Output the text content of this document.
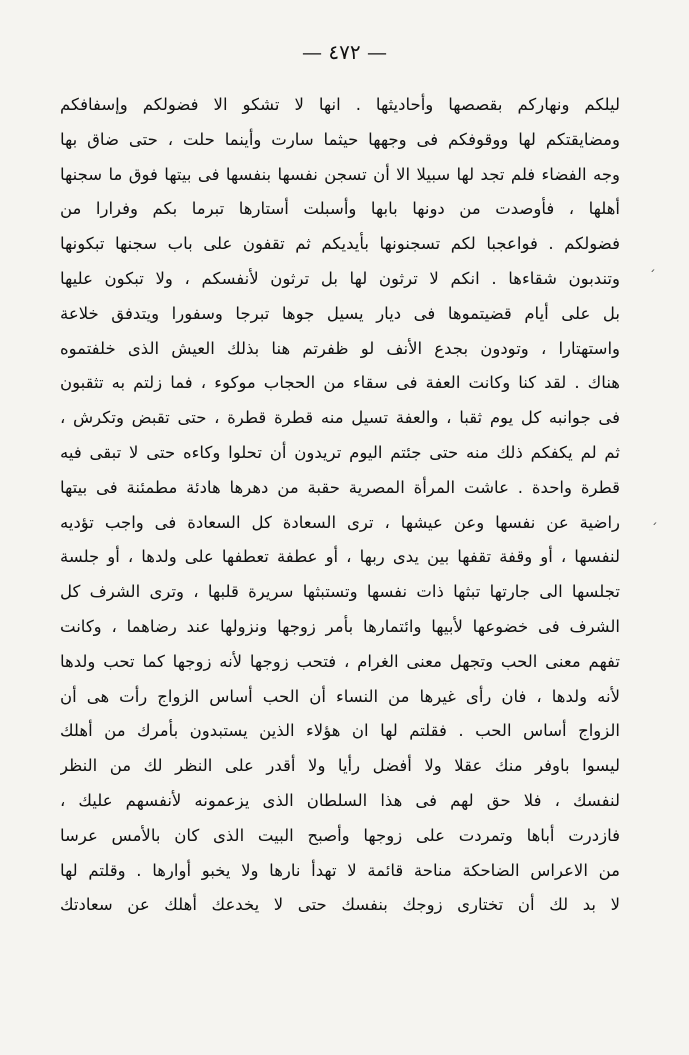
— ٤٧٢ —
ليلكم ونهاركم بقصصها وأحاديثها . انها لا تشكو الا فضولكم وإسفافكم
ومضايقتكم لها ووقوفكم فى وجهها حيثما سارت وأينما حلت ، حتى ضاق بها
وجه الفضاء فلم تجد لها سبيلا الا أن تسجن نفسها بنفسها فى بيتها فوق ما سجنها
أهلها ، فأوصدت من دونها بابها وأسبلت أستارها تبرما بكم وفرارا من
فضولكم . فواعجبا لكم تسجنونها بأيديكم ثم تقفون على باب سجنها تبكونها
وتندبون شقاءها . انكم لا ترثون لها بل ترثون لأنفسكم ، ولا تبكون عليها
بل على أيام قضيتموها فى ديار يسيل جوها تبرجا وسفورا ويتدفق خلاعة
واستهتارا ، وتودون بجدع الأنف لو ظفرتم هنا بذلك العيش الذى خلفتموه
هناك . لقد كنا وكانت العفة فى سقاء من الحجاب موكوء ، فما زلتم به تثقبون
فى جوانبه كل يوم ثقبا ، والعفة تسيل منه قطرة قطرة ، حتى تقبض وتكرش ،
ثم لم يكفكم ذلك منه حتى جئتم اليوم تريدون أن تحلوا وكاءه حتى لا تبقى فيه
قطرة واحدة . عاشت المرأة المصرية حقبة من دهرها هادئة مطمئنة فى بيتها
راضية عن نفسها وعن عيشها ، ترى السعادة كل السعادة فى واجب تؤديه
لنفسها ، أو وقفة تقفها بين يدى ربها ، أو عطفة تعطفها على ولدها ، أو جلسة
تجلسها الى جارتها تبثها ذات نفسها وتستبثها سريرة قلبها ، وترى الشرف كل
الشرف فى خضوعها لأبيها وائتمارها بأمر زوجها ونزولها عند رضاهما ، وكانت
تفهم معنى الحب وتجهل معنى الغرام ، فتحب زوجها لأنه زوجها كما تحب ولدها
لأنه ولدها ، فان رأى غيرها من النساء أن الحب أساس الزواج رأت هى أن
الزواج أساس الحب . فقلتم لها ان هؤلاء الذين يستبدون بأمرك من أهلك
ليسوا باوفر منك عقلا ولا أفضل رأيا ولا أقدر على النظر لك من النظر
لنفسك ، فلا حق لهم فى هذا السلطان الذى يزعمونه لأنفسهم عليك ،
فازدرت أباها وتمردت على زوجها وأصبح البيت الذى كان بالأمس عرسا
من الاعراس الضاحكة مناحة قائمة لا تهدأ نارها ولا يخبو أوارها . وقلتم لها
لا بد لك أن تختارى زوجك بنفسك حتى لا يخدعك أهلك عن سعادتك
׳
׳
